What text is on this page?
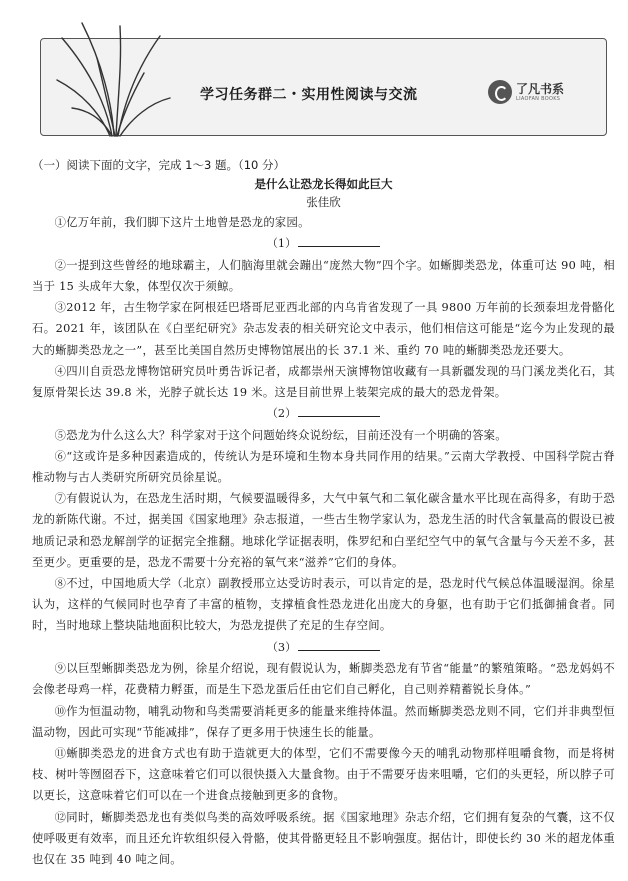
学习任务群二・实用性阅读与交流	了凡书系
LIAOFAN BOOKS

（一）阅读下面的文字，完成 1～3 题。（10 分）

是什么让恐龙长得如此巨大

张佳欣

①亿万年前，我们脚下这片土地曾是恐龙的家园。

（1）

②一提到这些曾经的地球霸主，人们脑海里就会蹦出“庞然大物”四个字。如蜥脚类恐龙，体重可达 90 吨，相当于 15 头成年大象，体型仅次于须鲸。

③2012 年，古生物学家在阿根廷巴塔哥尼亚西北部的内乌肯省发现了一具 9800 万年前的长颈泰坦龙骨骼化石。2021 年，该团队在《白垩纪研究》杂志发表的相关研究论文中表示，他们相信这可能是“迄今为止发现的最大的蜥脚类恐龙之一”，甚至比美国自然历史博物馆展出的长 37.1 米、重约 70 吨的蜥脚类恐龙还要大。

④四川自贡恐龙博物馆研究员叶勇告诉记者，成都崇州天演博物馆收藏有一具新疆发现的马门溪龙类化石，其复原骨架长达 39.8 米，光脖子就长达 19 米。这是目前世界上装架完成的最大的恐龙骨架。

（2）

⑤恐龙为什么这么大？科学家对于这个问题始终众说纷纭，目前还没有一个明确的答案。

⑥“这或许是多种因素造成的，传统认为是环境和生物本身共同作用的结果。”云南大学教授、中国科学院古脊椎动物与古人类研究所研究员徐星说。

⑦有假说认为，在恐龙生活时期，气候要温暖得多，大气中氧气和二氧化碳含量水平比现在高得多，有助于恐龙的新陈代谢。不过，据美国《国家地理》杂志报道，一些古生物学家认为，恐龙生活的时代含氧量高的假设已被地质记录和恐龙解剖学的证据完全推翻。地球化学证据表明，侏罗纪和白垩纪空气中的氧气含量与今天差不多，甚至更少。更重要的是，恐龙不需要十分充裕的氧气来“滋养”它们的身体。

⑧不过，中国地质大学（北京）副教授邢立达受访时表示，可以肯定的是，恐龙时代气候总体温暖湿润。徐星认为，这样的气候同时也孕育了丰富的植物，支撑植食性恐龙进化出庞大的身躯，也有助于它们抵御捕食者。同时，当时地球上整块陆地面积比较大，为恐龙提供了充足的生存空间。

（3）

⑨以巨型蜥脚类恐龙为例，徐星介绍说，现有假说认为，蜥脚类恐龙有节省“能量”的繁殖策略。“恐龙妈妈不会像老母鸡一样，花费精力孵蛋，而是生下恐龙蛋后任由它们自己孵化，自己则养精蓄锐长身体。”

⑩作为恒温动物，哺乳动物和鸟类需要消耗更多的能量来维持体温。然而蜥脚类恐龙则不同，它们并非典型恒温动物，因此可实现“节能减排”，保存了更多用于快速生长的能量。

⑪蜥脚类恐龙的进食方式也有助于造就更大的体型，它们不需要像今天的哺乳动物那样咀嚼食物，而是将树枝、树叶等囫囵吞下，这意味着它们可以很快摄入大量食物。由于不需要牙齿来咀嚼，它们的头更轻，所以脖子可以更长，这意味着它们可以在一个进食点接触到更多的食物。

⑫同时，蜥脚类恐龙也有类似鸟类的高效呼吸系统。据《国家地理》杂志介绍，它们拥有复杂的气囊，这不仅使呼吸更有效率，而且还允许软组织侵入骨骼，使其骨骼更轻且不影响强度。据估计，即使长约 30 米的超龙体重也仅在 35 吨到 40 吨之间。
